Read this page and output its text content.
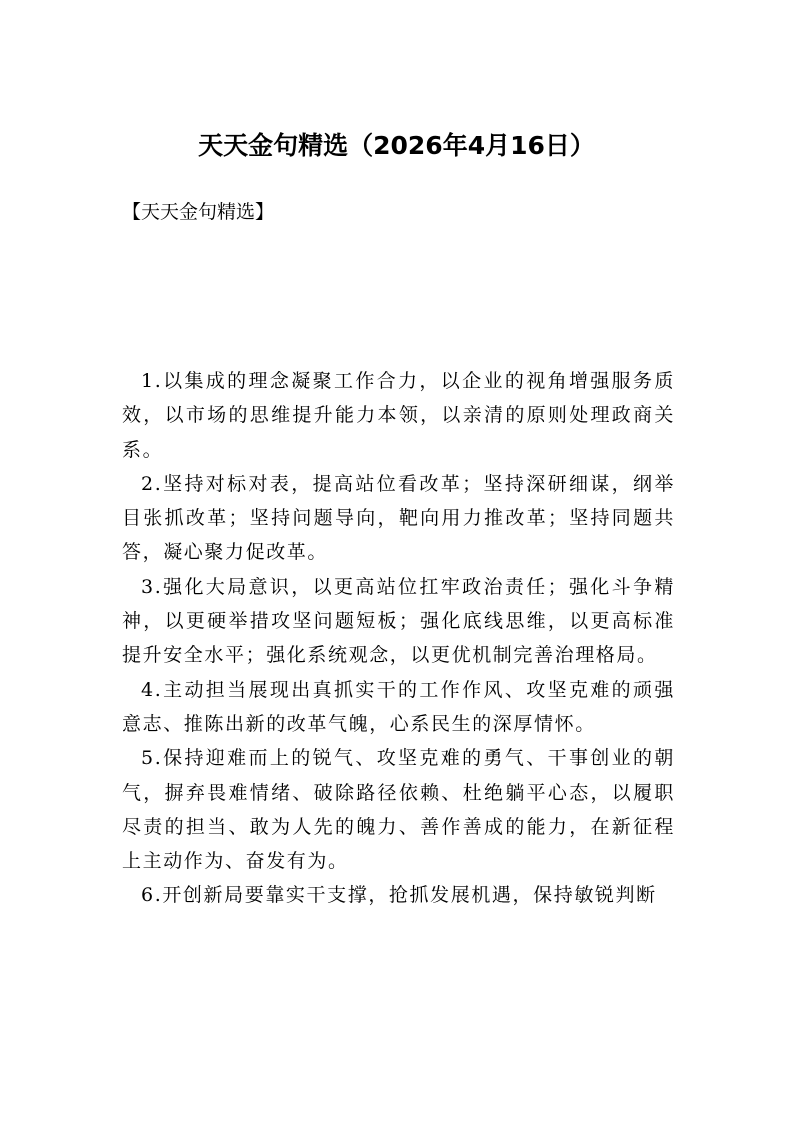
天天金句精选（2026年4月16日）

【天天金句精选】

1.以集成的理念凝聚工作合力，以企业的视角增强服务质效，以市场的思维提升能力本领，以亲清的原则处理政商关系。

2.坚持对标对表，提高站位看改革；坚持深研细谋，纲举目张抓改革；坚持问题导向，靶向用力推改革；坚持同题共答，凝心聚力促改革。

3.强化大局意识，以更高站位扛牢政治责任；强化斗争精神，以更硬举措攻坚问题短板；强化底线思维，以更高标准提升安全水平；强化系统观念，以更优机制完善治理格局。

4.主动担当展现出真抓实干的工作作风、攻坚克难的顽强意志、推陈出新的改革气魄，心系民生的深厚情怀。

5.保持迎难而上的锐气、攻坚克难的勇气、干事创业的朝气，摒弃畏难情绪、破除路径依赖、杜绝躺平心态，以履职尽责的担当、敢为人先的魄力、善作善成的能力，在新征程上主动作为、奋发有为。

6.开创新局要靠实干支撑，抢抓发展机遇，保持敏锐判断
